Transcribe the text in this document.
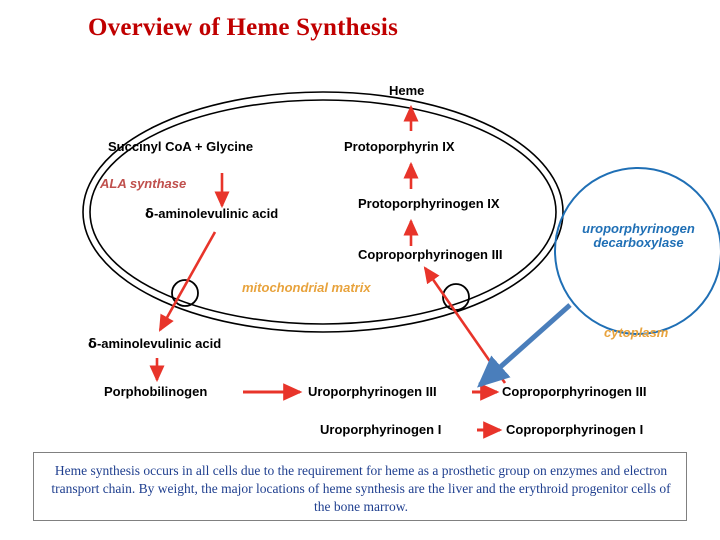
Overview of Heme Synthesis
Heme
Protoporphyrin IX
Protoporphyrinogen IX
Coproporphyrinogen III
Succinyl CoA + Glycine
ALA synthase
δ-aminolevulinic acid
mitochondrial matrix
δ-aminolevulinic acid
Porphobilinogen	Uroporphyrinogen III	Coproporphyrinogen III
Uroporphyrinogen I	Coproporphyrinogen I
cytoplasm
uroporphyrinogen
decarboxylase
Heme synthesis occurs in all cells due to the requirement for heme as a prosthetic group on enzymes and electron transport chain. By weight, the major locations of heme synthesis are the liver and the erythroid progenitor cells of the bone marrow.
